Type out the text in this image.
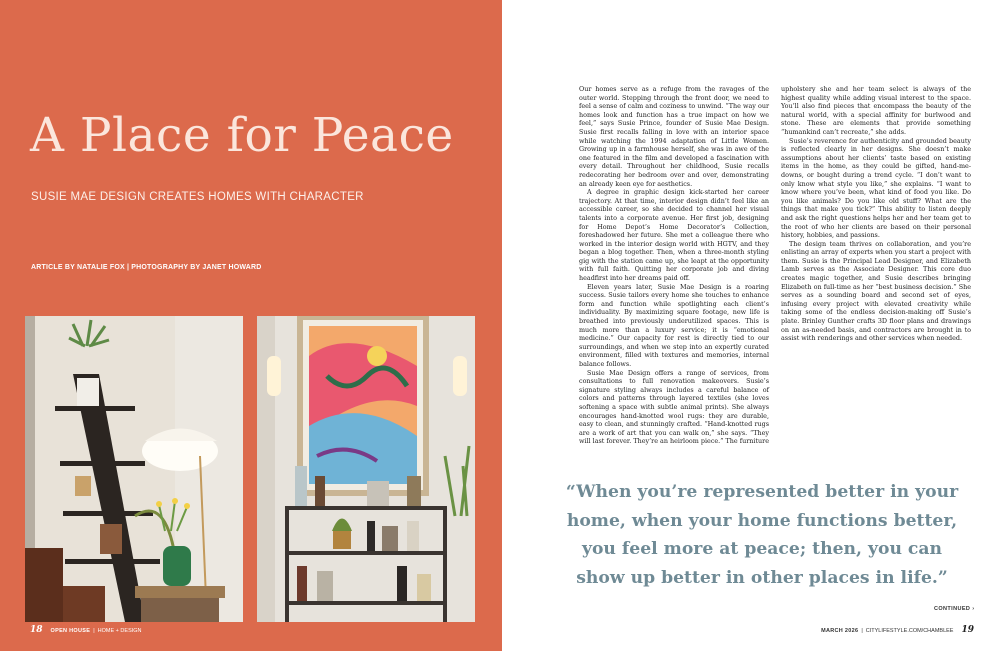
A Place for Peace

SUSIE MAE DESIGN CREATES HOMES WITH CHARACTER

ARTICLE BY NATALIE FOX | PHOTOGRAPHY BY JANET HOWARD

18 OPEN HOUSE | HOME + DESIGN

Our homes serve as a refuge from the ravages of the outer world. Stepping through the front door, we need to feel a sense of calm and coziness to unwind. “The way our homes look and function has a true impact on how we feel,” says Susie Prince, founder of Susie Mae Design. Susie first recalls falling in love with an interior space while watching the 1994 adaptation of Little Women. Growing up in a farmhouse herself, she was in awe of the one featured in the film and developed a fascination with every detail. Throughout her childhood, Susie recalls redecorating her bedroom over and over, demonstrating an already keen eye for aesthetics.

A degree in graphic design kick-started her career trajectory. At that time, interior design didn’t feel like an accessible career, so she decided to channel her visual talents into a corporate avenue. Her first job, designing for Home Depot’s Home Decorator’s Collection, foreshadowed her future. She met a colleague there who worked in the interior design world with HGTV, and they began a blog together. Then, when a three-month styling gig with the station came up, she leapt at the opportunity with full faith. Quitting her corporate job and diving headfirst into her dreams paid off.

Eleven years later, Susie Mae Design is a roaring success. Susie tailors every home she touches to enhance form and function while spotlighting each client’s individuality. By maximizing square footage, new life is breathed into previously underutilized spaces. This is much more than a luxury service; it is “emotional medicine.” Our capacity for rest is directly tied to our surroundings, and when we step into an expertly curated environment, filled with textures and memories, internal balance follows.

Susie Mae Design offers a range of services, from consultations to full renovation makeovers. Susie’s signature styling always includes a careful balance of colors and patterns through layered textiles (she loves softening a space with subtle animal prints). She always encourages hand-knotted wool rugs: they are durable, easy to clean, and stunningly crafted. “Hand-knotted rugs are a work of art that you can walk on,” she says. “They will last forever. They’re an heirloom piece.” The furniture upholstery she and her team select is always of the highest quality while adding visual interest to the space. You’ll also find pieces that encompass the beauty of the natural world, with a special affinity for burlwood and stone. These are elements that provide something “humankind can’t recreate,” she adds.

Susie’s reverence for authenticity and grounded beauty is reflected clearly in her designs. She doesn’t make assumptions about her clients’ taste based on existing items in the home, as they could be gifted, hand-me-downs, or bought during a trend cycle. “I don’t want to only know what style you like,” she explains. “I want to know where you’ve been, what kind of food you like. Do you like animals? Do you like old stuff? What are the things that make you tick?” This ability to listen deeply and ask the right questions helps her and her team get to the root of who her clients are based on their personal history, hobbies, and passions.

The design team thrives on collaboration, and you’re enlisting an array of experts when you start a project with them. Susie is the Principal Lead Designer, and Elizabeth Lamb serves as the Associate Designer. This core duo creates magic together, and Susie describes bringing Elizabeth on full-time as her “best business decision.” She serves as a sounding board and second set of eyes, infusing every project with elevated creativity while taking some of the endless decision-making off Susie’s plate. Brinley Gunther crafts 3D floor plans and drawings on an as-needed basis, and contractors are brought in to assist with renderings and other services when needed.

“When you’re represented better in your home, when your home functions better, you feel more at peace; then, you can show up better in other places in life.”

CONTINUED ›
MARCH 2026 | CITYLIFESTYLE.COM/CHAMBLEE 19
